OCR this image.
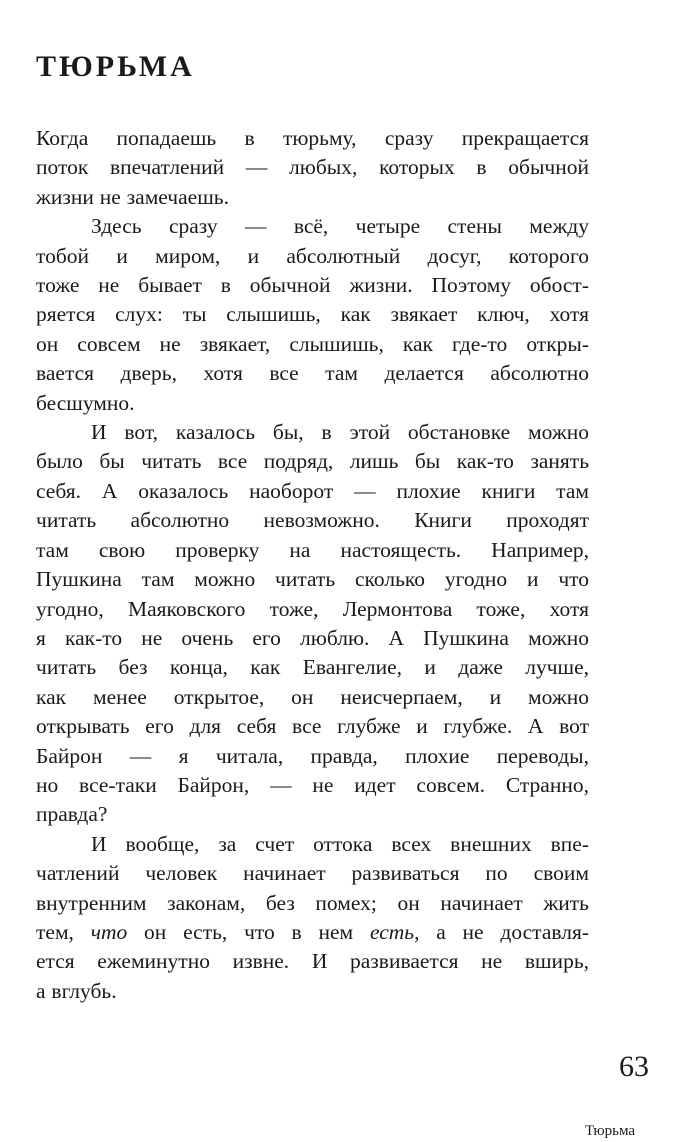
ТЮРЬМА
Когда попадаешь в тюрьму, сразу прекращается
поток впечатлений — любых, которых в обычной
жизни не замечаешь.
Здесь сразу — всё, четыре стены между
тобой и миром, и абсолютный досуг, которого
тоже не бывает в обычной жизни. Поэтому обост-
ряется слух: ты слышишь, как звякает ключ, хотя
он совсем не звякает, слышишь, как где-то откры-
вается дверь, хотя все там делается абсолютно
бесшумно.
И вот, казалось бы, в этой обстановке можно
было бы читать все подряд, лишь бы как-то занять
себя. А оказалось наоборот — плохие книги там
читать абсолютно невозможно. Книги проходят
там свою проверку на настоящесть. Например,
Пушкина там можно читать сколько угодно и что
угодно, Маяковского тоже, Лермонтова тоже, хотя
я как-то не очень его люблю. А Пушкина можно
читать без конца, как Евангелие, и даже лучше,
как менее открытое, он неисчерпаем, и можно
открывать его для себя все глубже и глубже. А вот
Байрон — я читала, правда, плохие переводы,
но все-таки Байрон, — не идет совсем. Странно,
правда?
И вообще, за счет оттока всех внешних впе-
чатлений человек начинает развиваться по своим
внутренним законам, без помех; он начинает жить
тем, что он есть, что в нем есть, а не доставля-
ется ежеминутно извне. И развивается не вширь,
а вглубь.
63
Тюрьма
